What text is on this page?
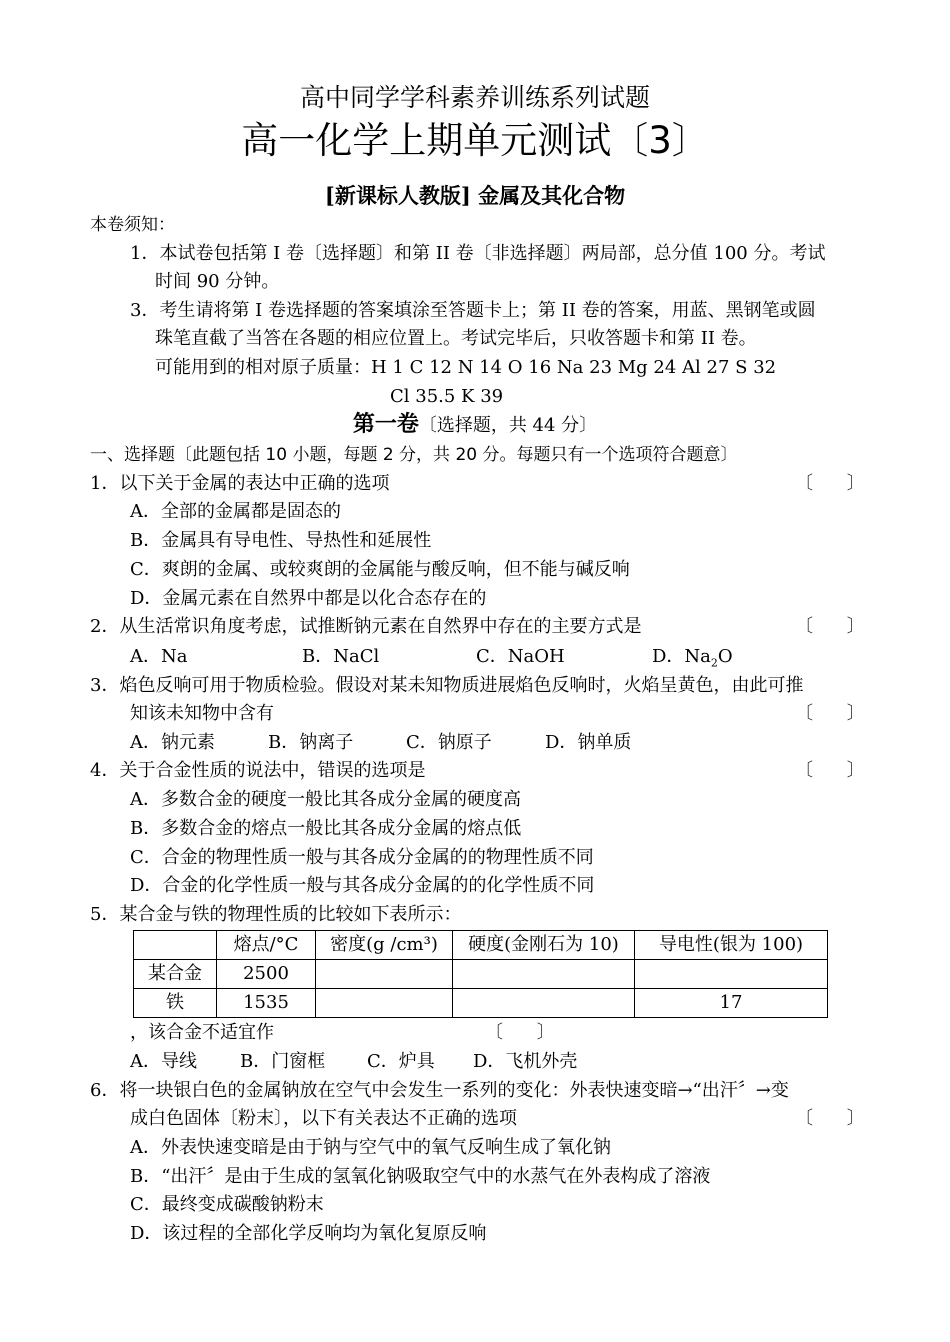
高中同学学科素养训练系列试题
高一化学上期单元测试〔3〕
[新课标人教版] 金属及其化合物
本卷须知：
1．本试卷包括第 I 卷〔选择题〕和第 II 卷〔非选择题〕两局部，总分值 100 分。考试
时间 90 分钟。
3．考生请将第 I 卷选择题的答案填涂至答题卡上；第 II 卷的答案，用蓝、黑钢笔或圆
珠笔直截了当答在各题的相应位置上。考试完毕后，只收答题卡和第 II 卷。
可能用到的相对原子质量：H 1 C 12 N 14 O 16 Na 23 Mg 24 Al 27 S 32
Cl 35.5 K 39
第一卷〔选择题，共 44 分〕
一、选择题〔此题包括 10 小题，每题 2 分，共 20 分。每题只有一个选项符合题意〕
1．以下关于金属的表达中正确的选项	〔 〕
A．全部的金属都是固态的
B．金属具有导电性、导热性和延展性
C．爽朗的金属、或较爽朗的金属能与酸反响，但不能与碱反响
D．金属元素在自然界中都是以化合态存在的
2．从生活常识角度考虑，试推断钠元素在自然界中存在的主要方式是	〔 〕
A．Na	B．NaCl	C．NaOH	D．$Na_2O$
3．焰色反响可用于物质检验。假设对某未知物质进展焰色反响时，火焰呈黄色，由此可推
知该未知物中含有	〔 〕
A．钠元素	B．钠离子	C．钠原子	D．钠单质
4．关于合金性质的说法中，错误的选项是	〔 〕
A．多数合金的硬度一般比其各成分金属的硬度高
B．多数合金的熔点一般比其各成分金属的熔点低
C．合金的物理性质一般与其各成分金属的的物理性质不同
D．合金的化学性质一般与其各成分金属的的化学性质不同
5．某合金与铁的物理性质的比较如下表所示：
	熔点/°C	密度(g /cm³)	硬度(金刚石为 10)	导电性(银为 100)
某合金	2500			
铁	1535			17
，该合金不适宜作	〔 〕
A．导线 B．门窗框 C．炉具 D．飞机外壳
6．将一块银白色的金属钠放在空气中会发生一系列的变化：外表快速变暗→“出汗〞→变
成白色固体〔粉末〕，以下有关表达不正确的选项	〔 〕
A．外表快速变暗是由于钠与空气中的氧气反响生成了氧化钠
B．“出汗〞是由于生成的氢氧化钠吸取空气中的水蒸气在外表构成了溶液
C．最终变成碳酸钠粉末
D．该过程的全部化学反响均为氧化复原反响
